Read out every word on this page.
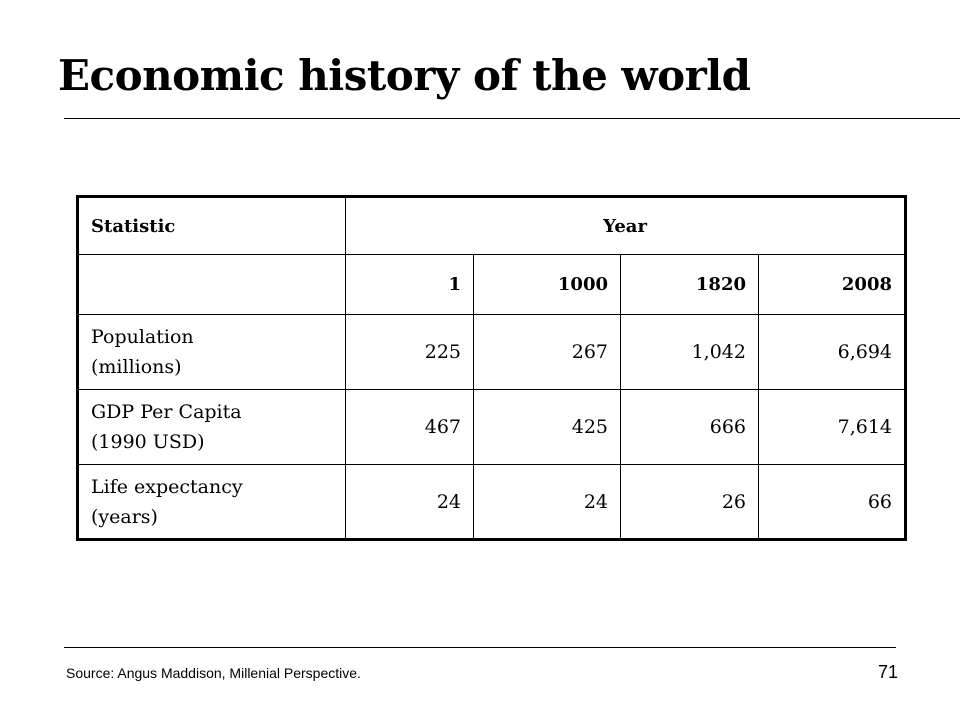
Economic history of the world
Statistic	Year			
	1	1000	1820	2008
Population
(millions)	225	267	1,042	6,694
GDP Per Capita
(1990 USD)	467	425	666	7,614
Life expectancy
(years)	24	24	26	66
Source: Angus Maddison, Millenial Perspective.	71
